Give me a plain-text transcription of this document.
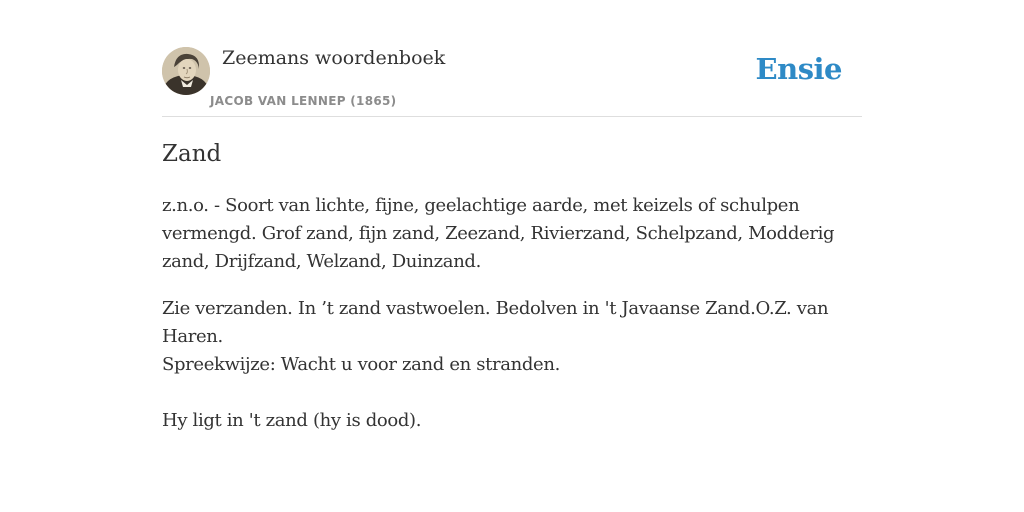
Zeemans woordenboek
JACOB VAN LENNEP (1865)
Ensie
Zand

z.n.o. - Soort van lichte, fijne, geelachtige aarde, met keizels of schulpen vermengd. Grof zand, fijn zand, Zeezand, Rivierzand, Schelpzand, Modderig zand, Drijfzand, Welzand, Duinzand.

Zie verzanden. In ’t zand vastwoelen. Bedolven in 't Javaanse Zand.O.Z. van Haren.

Spreekwijze: Wacht u voor zand en stranden.

Hy ligt in 't zand (hy is dood).
